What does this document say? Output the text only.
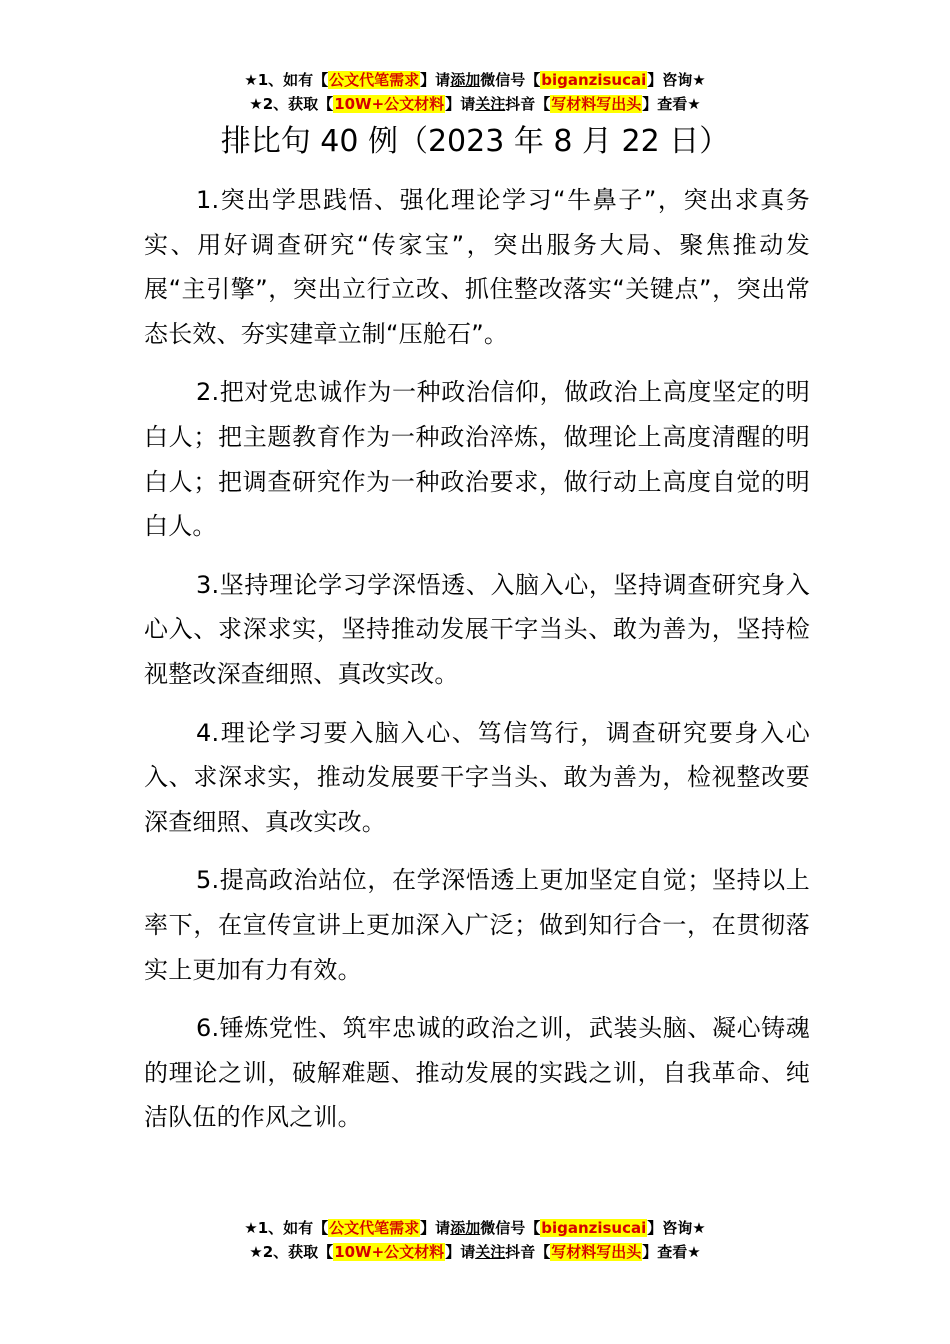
★1、如有【公文代笔需求】请添加微信号【biganzisucai】咨询★
★2、获取【10W+公文材料】请关注抖音【写材料写出头】查看★
排比句 40 例（2023 年 8 月 22 日）

1.突出学思践悟、强化理论学习“牛鼻子”，突出求真务实、用好调查研究“传家宝”，突出服务大局、聚焦推动发展“主引擎”，突出立行立改、抓住整改落实“关键点”，突出常态长效、夯实建章立制“压舱石”。

2.把对党忠诚作为一种政治信仰，做政治上高度坚定的明白人；把主题教育作为一种政治淬炼，做理论上高度清醒的明白人；把调查研究作为一种政治要求，做行动上高度自觉的明白人。

3.坚持理论学习学深悟透、入脑入心，坚持调查研究身入心入、求深求实，坚持推动发展干字当头、敢为善为，坚持检视整改深查细照、真改实改。

4.理论学习要入脑入心、笃信笃行，调查研究要身入心入、求深求实，推动发展要干字当头、敢为善为，检视整改要深查细照、真改实改。

5.提高政治站位，在学深悟透上更加坚定自觉；坚持以上率下，在宣传宣讲上更加深入广泛；做到知行合一，在贯彻落实上更加有力有效。

6.锤炼党性、筑牢忠诚的政治之训，武装头脑、凝心铸魂的理论之训，破解难题、推动发展的实践之训，自我革命、纯洁队伍的作风之训。

★1、如有【公文代笔需求】请添加微信号【biganzisucai】咨询★
★2、获取【10W+公文材料】请关注抖音【写材料写出头】查看★
